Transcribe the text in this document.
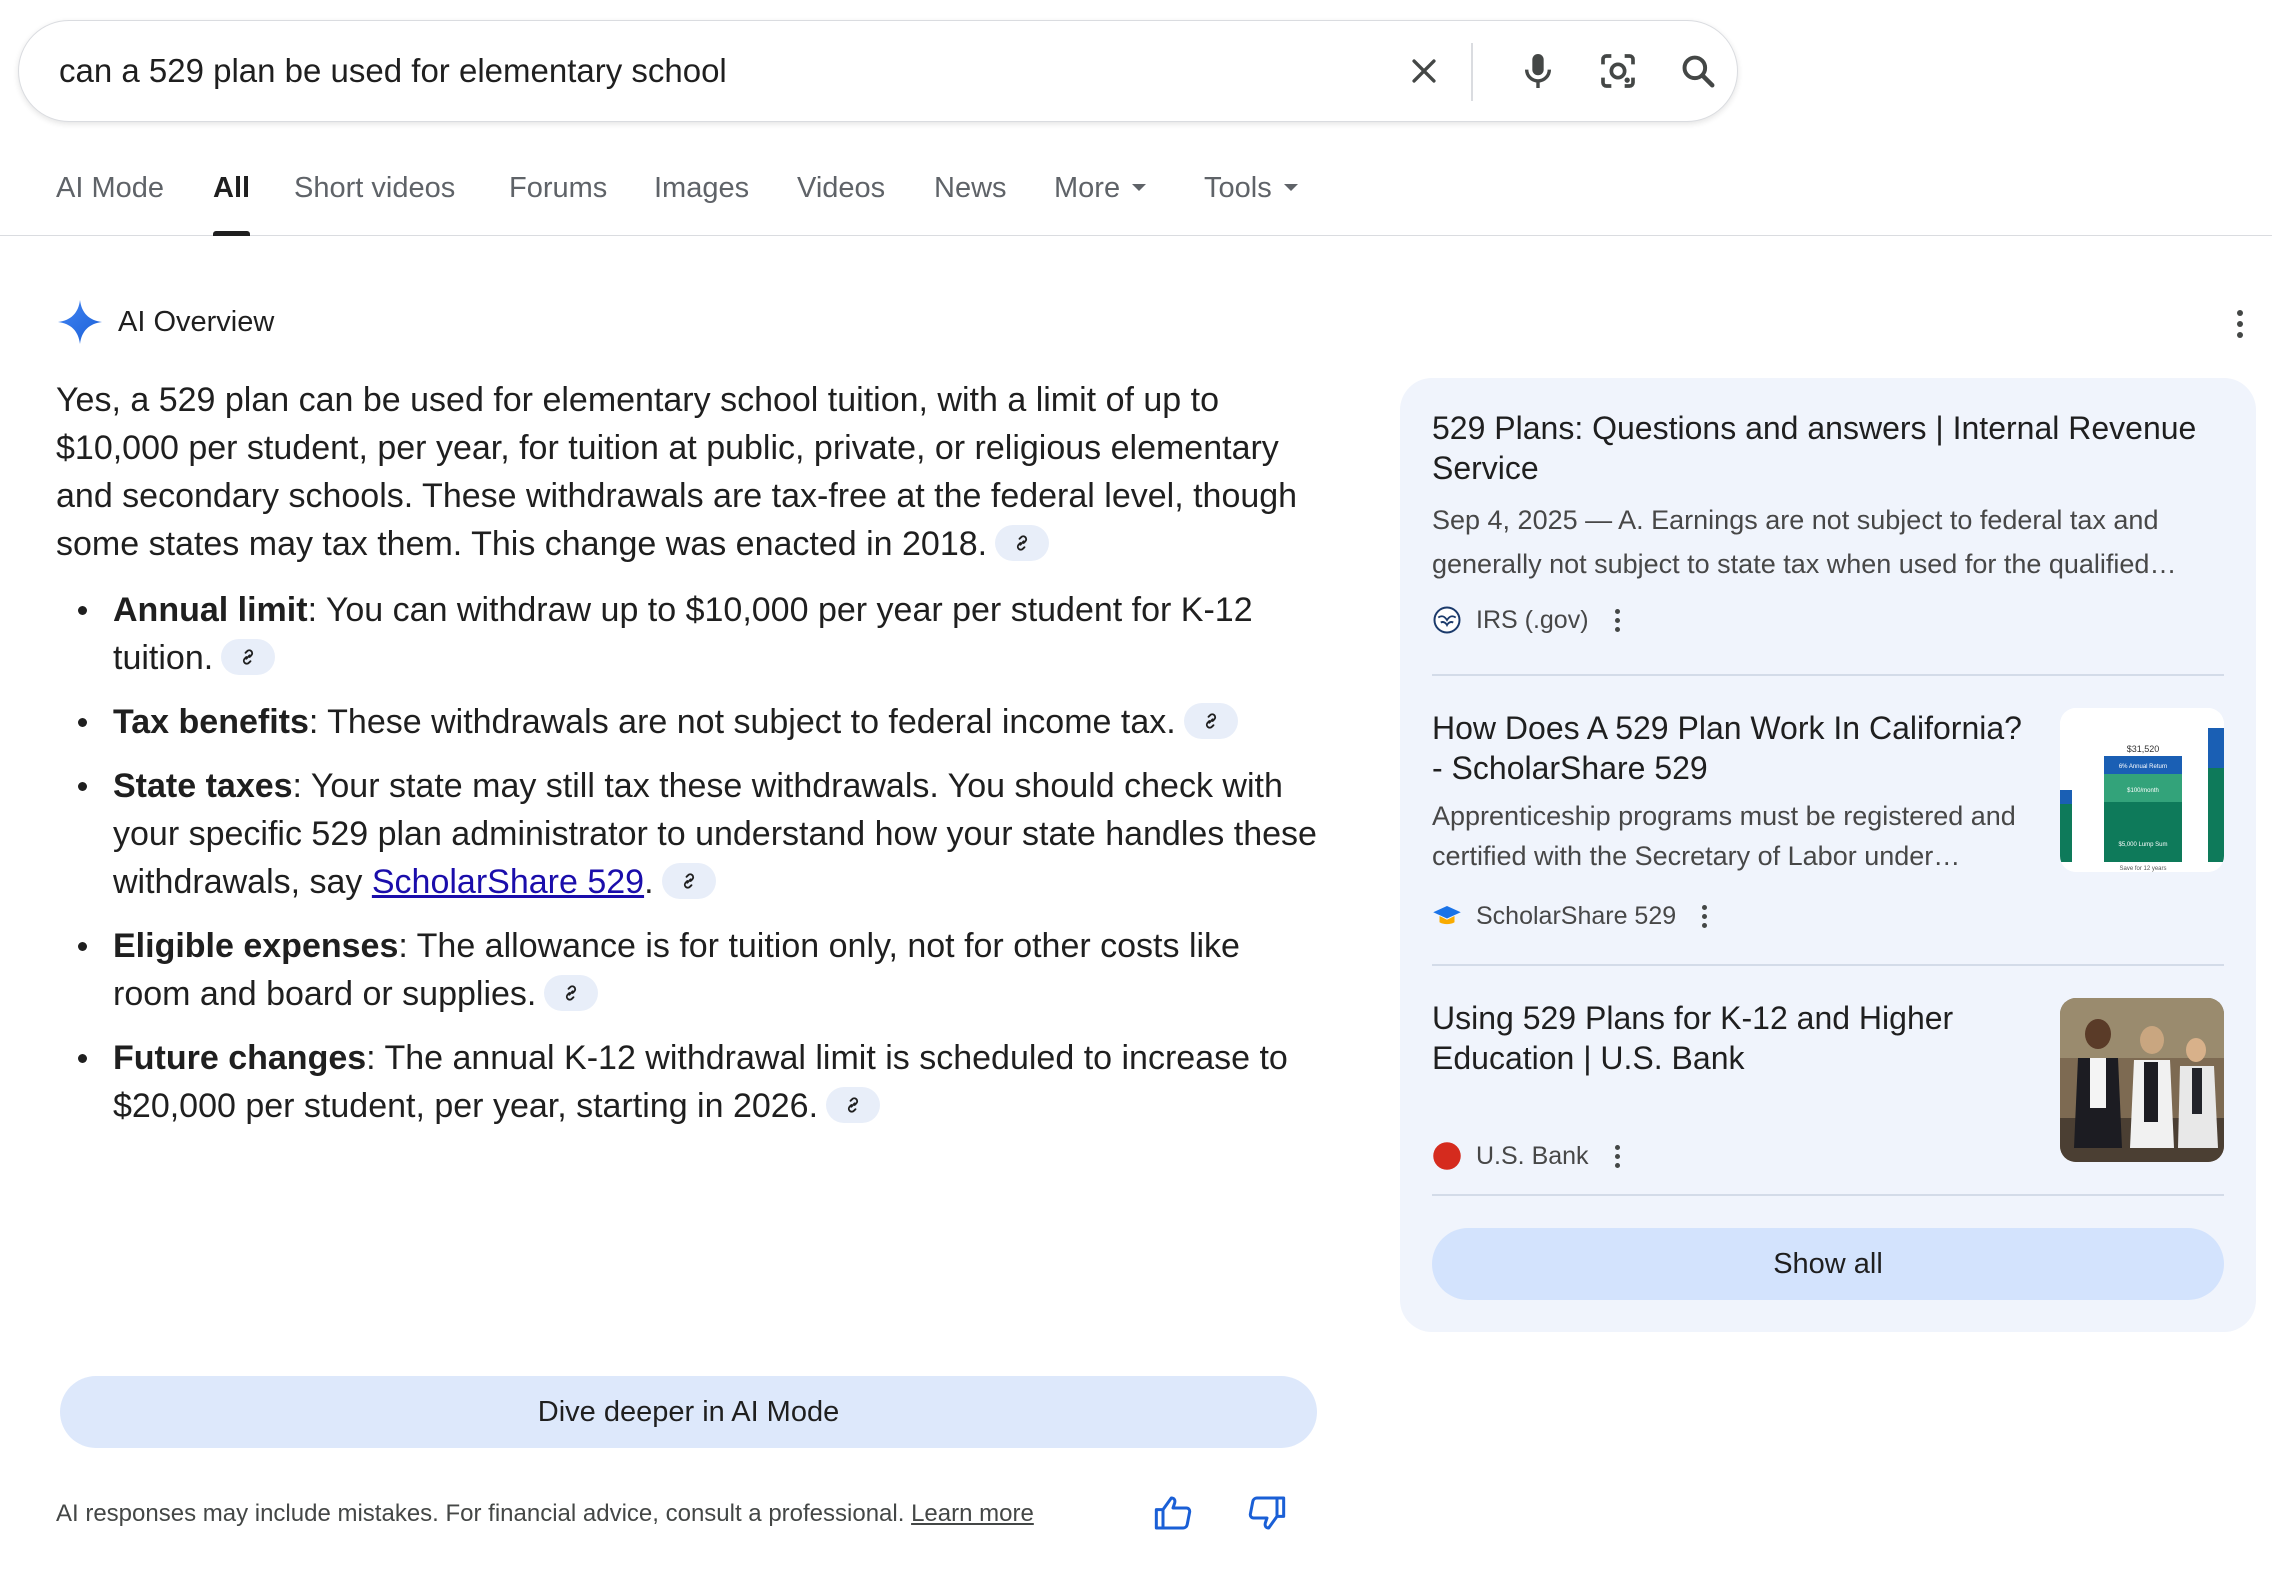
can a 529 plan be used for elementary school
AI Mode All Short videos Forums Images Videos News More	Tools
AI Overview

Yes, a 529 plan can be used for elementary school tuition, with a limit of up to $10,000 per student, per year, for tuition at public, private, or religious elementary and secondary schools. These withdrawals are tax-free at the federal level, though some states may tax them. This change was enacted in 2018.

Annual limit: You can withdraw up to $10,000 per year per student for K-12 tuition.
Tax benefits: These withdrawals are not subject to federal income tax.
State taxes: Your state may still tax these withdrawals. You should check with your specific 529 plan administrator to understand how your state handles these withdrawals, say ScholarShare 529.
Eligible expenses: The allowance is for tuition only, not for other costs like room and board or supplies.
Future changes: The annual K-12 withdrawal limit is scheduled to increase to $20,000 per student, per year, starting in 2026.
Dive deeper in AI Mode
AI responses may include mistakes. For financial advice, consult a professional. Learn more
529 Plans: Questions and answers | Internal Revenue Service
Sep 4, 2025 — A. Earnings are not subject to federal tax and generally not subject to state tax when used for the qualified…
IRS (.gov)
How Does A 529 Plan Work In California? - ScholarShare 529
Apprenticeship programs must be registered and certified with the Secretary of Labor under…
ScholarShare 529
$31,520
6% Annual Return
$100/month
$5,000 Lump Sum
Save for 12 years
Using 529 Plans for K-12 and Higher Education | U.S. Bank
U.S. Bank
Show all
